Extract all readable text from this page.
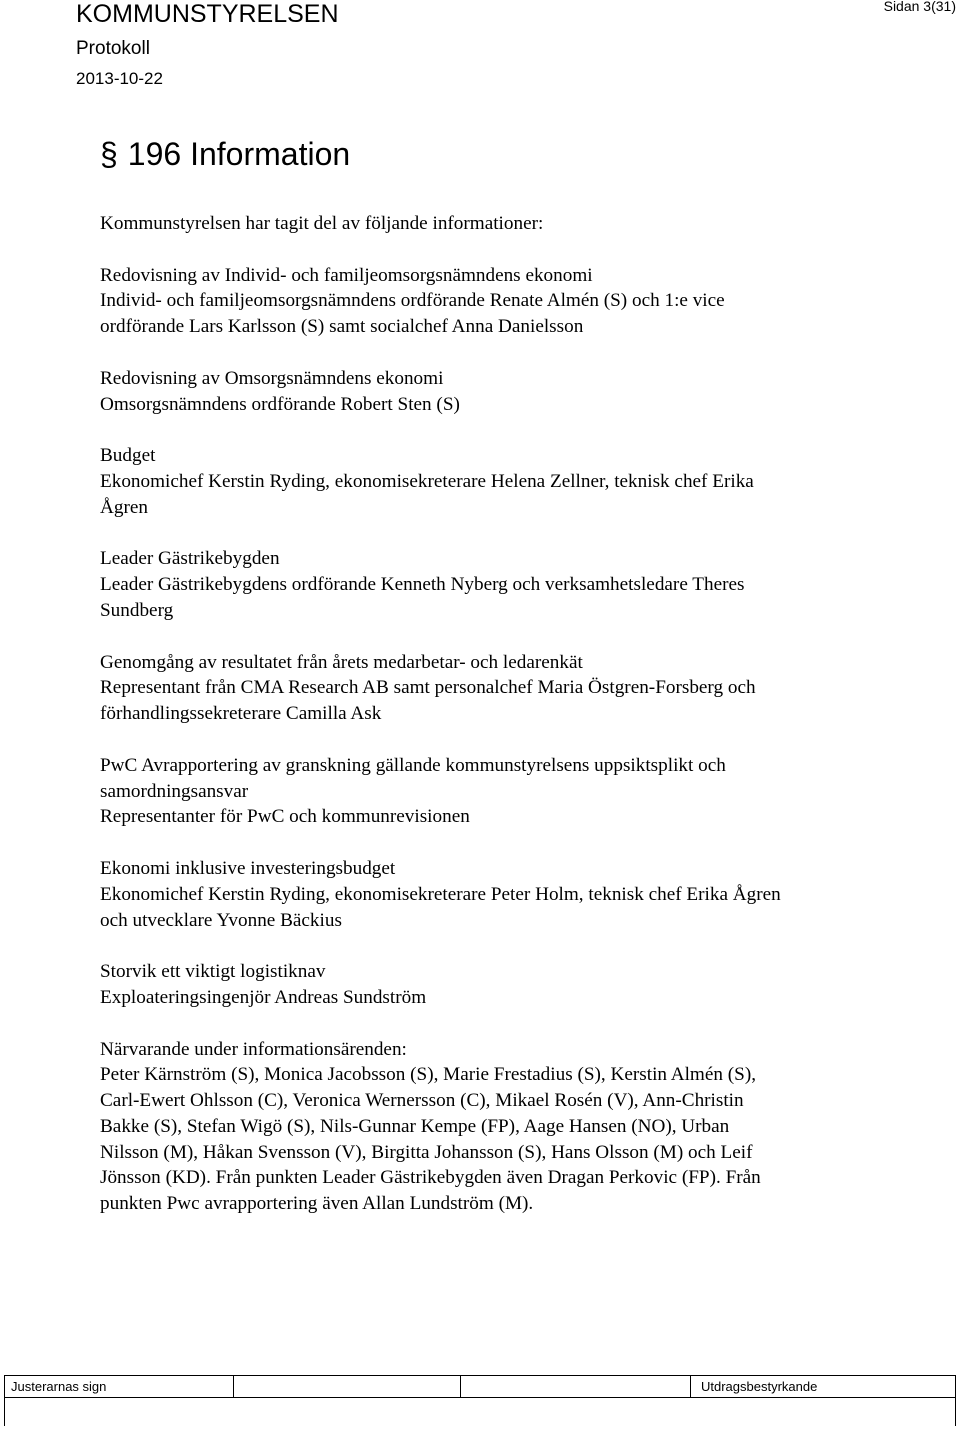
KOMMUNSTYRELSEN
Protokoll
2013-10-22
Sidan 3(31)
§ 196 Information

Kommunstyrelsen har tagit del av följande informationer:

Redovisning av Individ- och familjeomsorgsnämndens ekonomi
Individ- och familjeomsorgsnämndens ordförande Renate Almén (S) och 1:e vice
ordförande Lars Karlsson (S) samt socialchef Anna Danielsson

Redovisning av Omsorgsnämndens ekonomi
Omsorgsnämndens ordförande Robert Sten (S)

Budget
Ekonomichef Kerstin Ryding, ekonomisekreterare Helena Zellner, teknisk chef Erika
Ågren

Leader Gästrikebygden
Leader Gästrikebygdens ordförande Kenneth Nyberg och verksamhetsledare Theres
Sundberg

Genomgång av resultatet från årets medarbetar- och ledarenkät
Representant från CMA Research AB samt personalchef Maria Östgren-Forsberg och
förhandlingssekreterare Camilla Ask

PwC Avrapportering av granskning gällande kommunstyrelsens uppsiktsplikt och
samordningsansvar
Representanter för PwC och kommunrevisionen

Ekonomi inklusive investeringsbudget
Ekonomichef Kerstin Ryding, ekonomisekreterare Peter Holm, teknisk chef Erika Ågren
och utvecklare Yvonne Bäckius

Storvik ett viktigt logistiknav
Exploateringsingenjör Andreas Sundström

Närvarande under informationsärenden:
Peter Kärnström (S), Monica Jacobsson (S), Marie Frestadius (S), Kerstin Almén (S),
Carl-Ewert Ohlsson (C), Veronica Wernersson (C), Mikael Rosén (V), Ann-Christin
Bakke (S), Stefan Wigö (S), Nils-Gunnar Kempe (FP), Aage Hansen (NO), Urban
Nilsson (M), Håkan Svensson (V), Birgitta Johansson (S), Hans Olsson (M) och Leif
Jönsson (KD). Från punkten Leader Gästrikebygden även Dragan Perkovic (FP). Från
punkten Pwc avrapportering även Allan Lundström (M).

Justerarnas sign	Utdragsbestyrkande
